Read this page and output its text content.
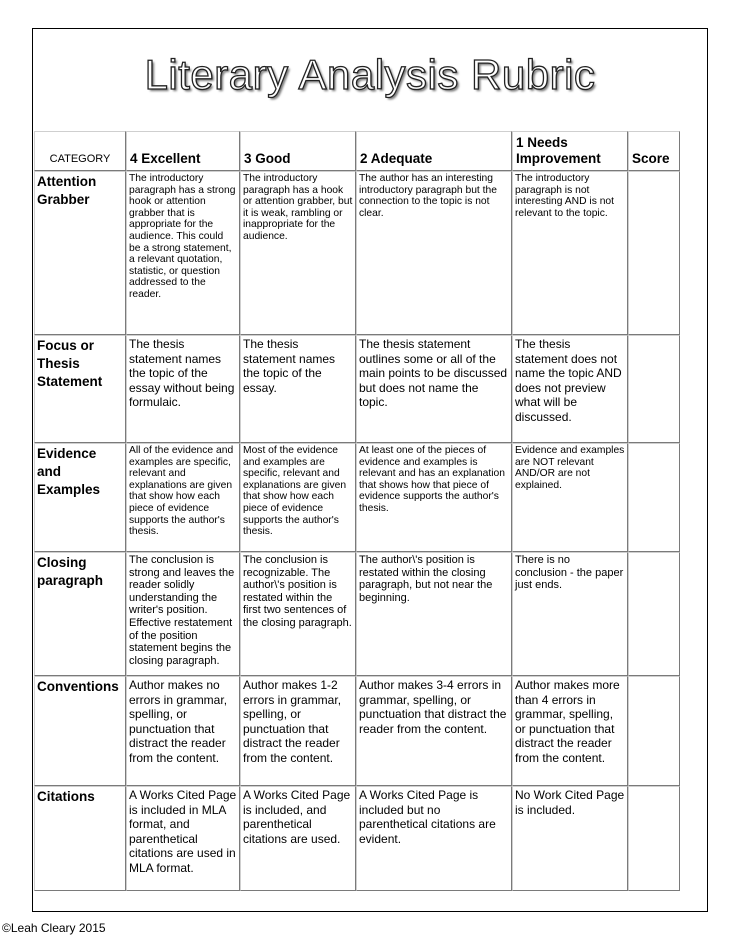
Literary Analysis Rubric
CATEGORY	4 Excellent	3 Good	2 Adequate	1 Needs Improvement	Score
Attention Grabber	The introductory paragraph has a strong hook or attention grabber that is appropriate for the audience. This could be a strong statement, a relevant quotation, statistic, or question addressed to the reader.	The introductory paragraph has a hook or attention grabber, but it is weak, rambling or inappropriate for the audience.	The author has an interesting introductory paragraph but the connection to the topic is not clear.	The introductory paragraph is not interesting AND is not relevant to the topic.	
Focus or Thesis Statement	The thesis statement names the topic of the essay without being formulaic.	The thesis statement names the topic of the essay.	The thesis statement outlines some or all of the main points to be discussed but does not name the topic.	The thesis statement does not name the topic AND does not preview what will be discussed.	
Evidence and Examples	All of the evidence and examples are specific, relevant and explanations are given that show how each piece of evidence supports the author's thesis.	Most of the evidence and examples are specific, relevant and explanations are given that show how each piece of evidence supports the author's thesis.	At least one of the pieces of evidence and examples is relevant and has an explanation that shows how that piece of evidence supports the author's thesis.	Evidence and examples are NOT relevant AND/OR are not explained.	
Closing paragraph	The conclusion is strong and leaves the reader solidly understanding the writer's position. Effective restatement of the position statement begins the closing paragraph.	The conclusion is recognizable. The author\'s position is restated within the first two sentences of the closing paragraph.	The author\'s position is restated within the closing paragraph, but not near the beginning.	There is no conclusion - the paper just ends.	
Conventions	Author makes no errors in grammar, spelling, or punctuation that distract the reader from the content.	Author makes 1-2 errors in grammar, spelling, or punctuation that distract the reader from the content.	Author makes 3-4 errors in grammar, spelling, or punctuation that distract the reader from the content.	Author makes more than 4 errors in grammar, spelling, or punctuation that distract the reader from the content.	
Citations	A Works Cited Page is included in MLA format, and parenthetical citations are used in MLA format.	A Works Cited Page is included, and parenthetical citations are used.	A Works Cited Page is included but no parenthetical citations are evident.	No Work Cited Page is included.	
©Leah Cleary 2015
